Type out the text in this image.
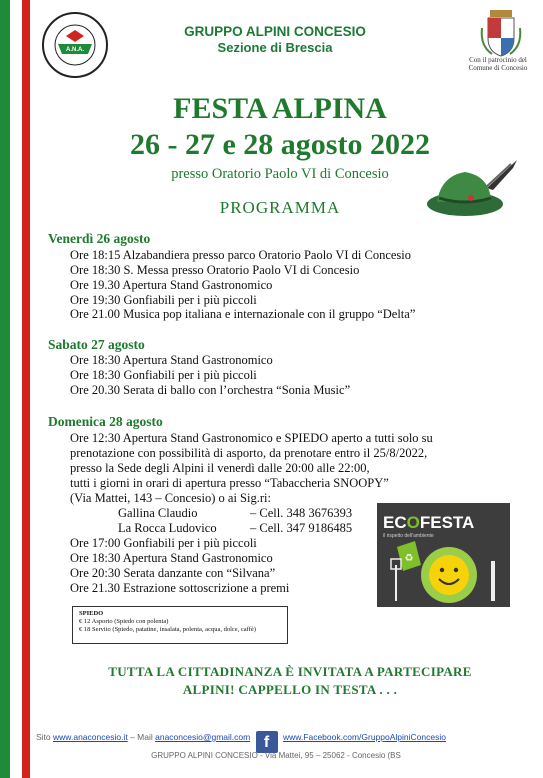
A.N.A.
GRUPPO ALPINI CONCESIO
Sezione di Brescia
Con il patrocinio del Comune di Concesio
FESTA ALPINA
26 - 27 e 28 agosto 2022
presso Oratorio Paolo VI di Concesio
PROGRAMMA
Venerdì 26 agosto
Ore 18:15 Alzabandiera presso parco Oratorio Paolo VI di Concesio
Ore 18:30 S. Messa presso Oratorio Paolo VI di Concesio
Ore 19.30 Apertura Stand Gastronomico
Ore 19:30 Gonfiabili per i più piccoli
Ore 21.00 Musica pop italiana e internazionale con il gruppo “Delta”
Sabato 27 agosto
Ore 18:30 Apertura Stand Gastronomico
Ore 18:30 Gonfiabili per i più piccoli
Ore 20.30 Serata di ballo con l’orchestra “Sonia Music”
Domenica 28 agosto
Ore 12:30 Apertura Stand Gastronomico e SPIEDO aperto a tutti solo su
prenotazione con possibilità di asporto, da prenotare entro il 25/8/2022,
presso la Sede degli Alpini il venerdì dalle 20:00 alle 22:00,
tutti i giorni in orari di apertura presso “Tabaccheria SNOOPY”
(Via Mattei, 143 – Concesio) o ai Sig.ri:
Gallina Claudio	– Cell. 348 3676393
La Rocca Ludovico	– Cell. 347 9186485
Ore 17:00 Gonfiabili per i più piccoli
Ore 18:30 Apertura Stand Gastronomico
Ore 20:30 Serata danzante con “Silvana”
Ore 21.30 Estrazione sottoscrizione a premi
ECOFESTA
il rispetto dell'ambiente
♻
SPIEDO
€ 12 Asporto (Spiedo con polenta)
€ 18 Servito (Spiedo, patatine, insalata, polenta, acqua, dolce, caffè)
TUTTA LA CITTADINANZA È INVITATA A PARTECIPARE
ALPINI! CAPPELLO IN TESTA . . .
Sito www.anaconcesio.it – Mail anaconcesio@gmail.com f www.Facebook.com/GruppoAlpiniConcesio
GRUPPO ALPINI CONCESIO - Via Mattei, 95 – 25062 - Concesio (BS
